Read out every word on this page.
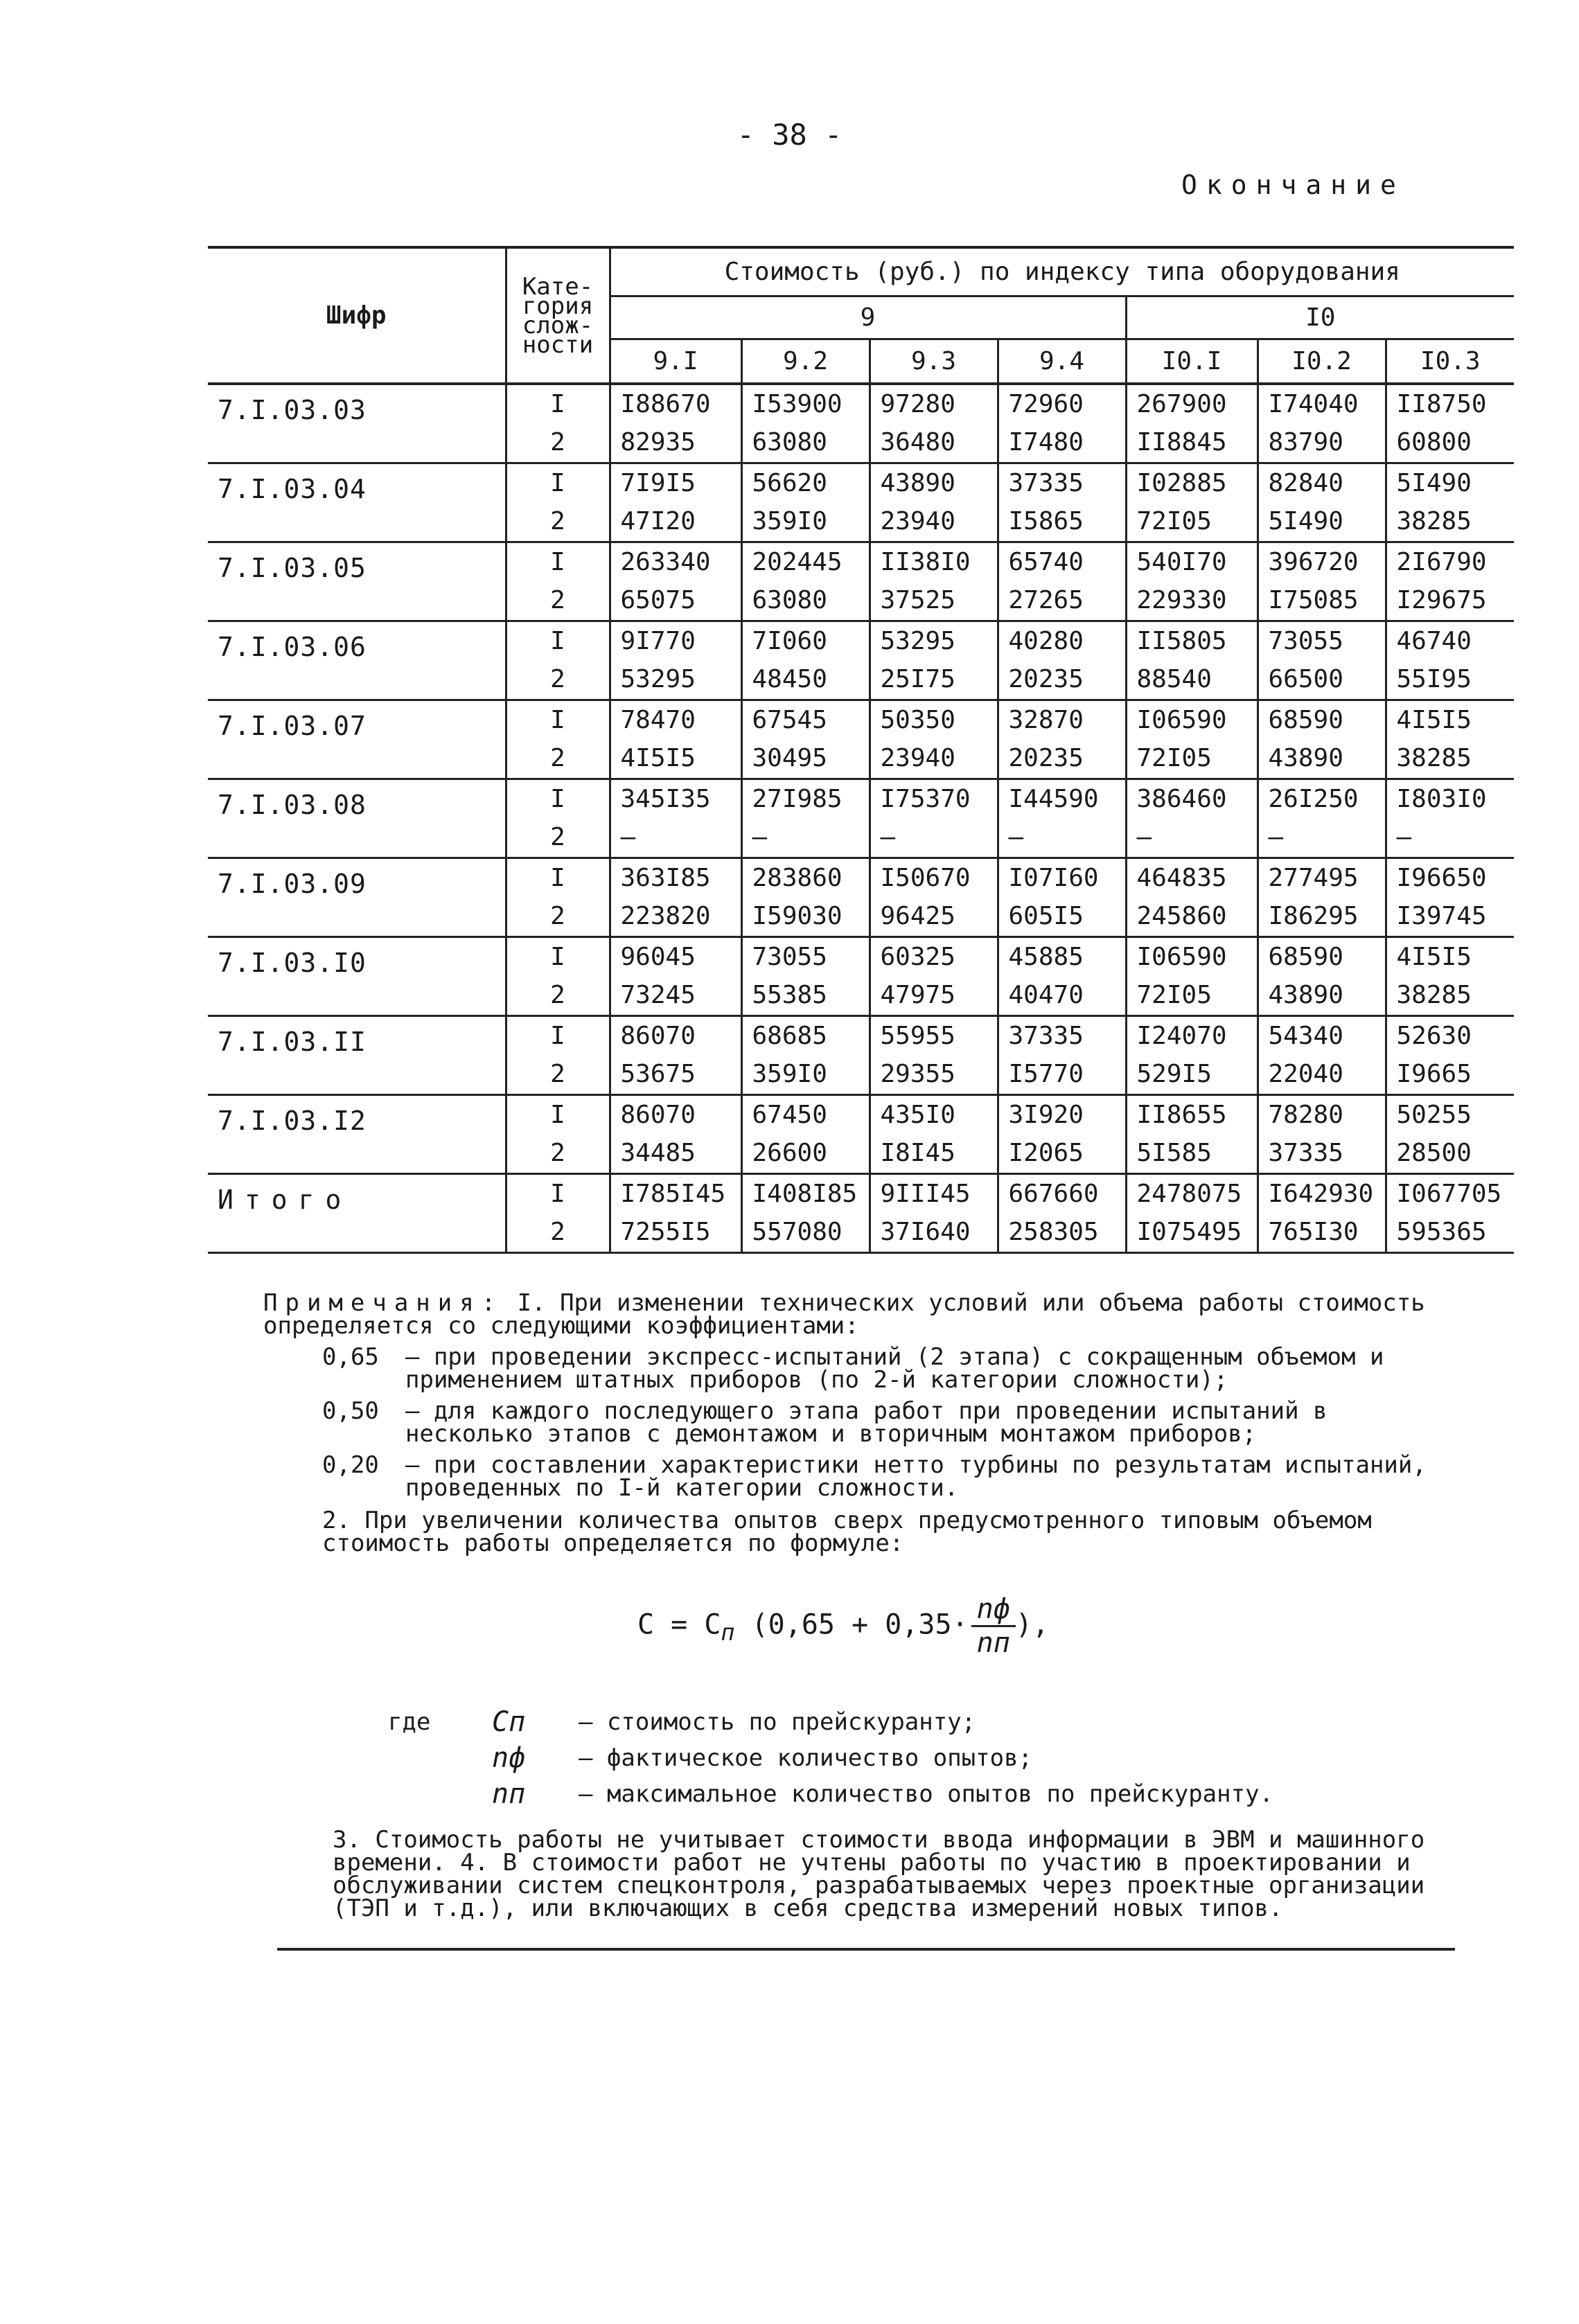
- 38 -
Окончание
Шифр	Кате-
гория
слож-
ности	Стоимость (руб.) по индексу типа оборудования						
		9				I0		
		9.I	9.2	9.3	9.4	I0.I	I0.2	I0.3
7.I.03.03	I	I88670	I53900	97280	72960	267900	I74040	II8750
	2	82935	63080	36480	I7480	II8845	83790	60800
7.I.03.04	I	7I9I5	56620	43890	37335	I02885	82840	5I490
	2	47I20	359I0	23940	I5865	72I05	5I490	38285
7.I.03.05	I	263340	202445	II38I0	65740	540I70	396720	2I6790
	2	65075	63080	37525	27265	229330	I75085	I29675
7.I.03.06	I	9I770	7I060	53295	40280	II5805	73055	46740
	2	53295	48450	25I75	20235	88540	66500	55I95
7.I.03.07	I	78470	67545	50350	32870	I06590	68590	4I5I5
	2	4I5I5	30495	23940	20235	72I05	43890	38285
7.I.03.08	I	345I35	27I985	I75370	I44590	386460	26I250	I803I0
	2	–	–	–	–	–	–	–
7.I.03.09	I	363I85	283860	I50670	I07I60	464835	277495	I96650
	2	223820	I59030	96425	605I5	245860	I86295	I39745
7.I.03.I0	I	96045	73055	60325	45885	I06590	68590	4I5I5
	2	73245	55385	47975	40470	72I05	43890	38285
7.I.03.II	I	86070	68685	55955	37335	I24070	54340	52630
	2	53675	359I0	29355	I5770	529I5	22040	I9665
7.I.03.I2	I	86070	67450	435I0	3I920	II8655	78280	50255
	2	34485	26600	I8I45	I2065	5I585	37335	28500
Итого	I	I785I45	I408I85	9III45	667660	2478075	I642930	I067705
	2	7255I5	557080	37I640	258305	I075495	765I30	595365

Примечания: I. При изменении технических условий или объема работы стоимость определяется со следующими коэффициентами:

0,65	– при проведении экспресс-испытаний (2 этапа) с сокращенным объемом и применением штатных приборов (по 2-й категории сложности);
0,50	– для каждого последующего этапа работ при проведении испытаний в несколько этапов с демонтажом и вторичным монтажом приборов;
0,20	– при составлении характеристики нетто турбины по результатам испытаний, проведенных по I-й категории сложности.

2. При увеличении количества опытов сверх предусмотренного типовым объемом стоимость работы определяется по формуле:

$C = C_п$ ($0,65 + 0,35\cdot \frac{nф}{nп}$ ),
где	Cп	– стоимость по прейскуранту;
nф	– фактическое количество опытов;
nп	– максимальное количество опытов по прейскуранту.
3. Стоимость работы не учитывает стоимости ввода информации в ЭВМ и машинного времени. 4. В стоимости работ не учтены работы по участию в проектировании и обслуживании систем спецконтроля, разрабатываемых через проектные организации (ТЭП и т.д.), или включающих в себя средства измерений новых типов.
